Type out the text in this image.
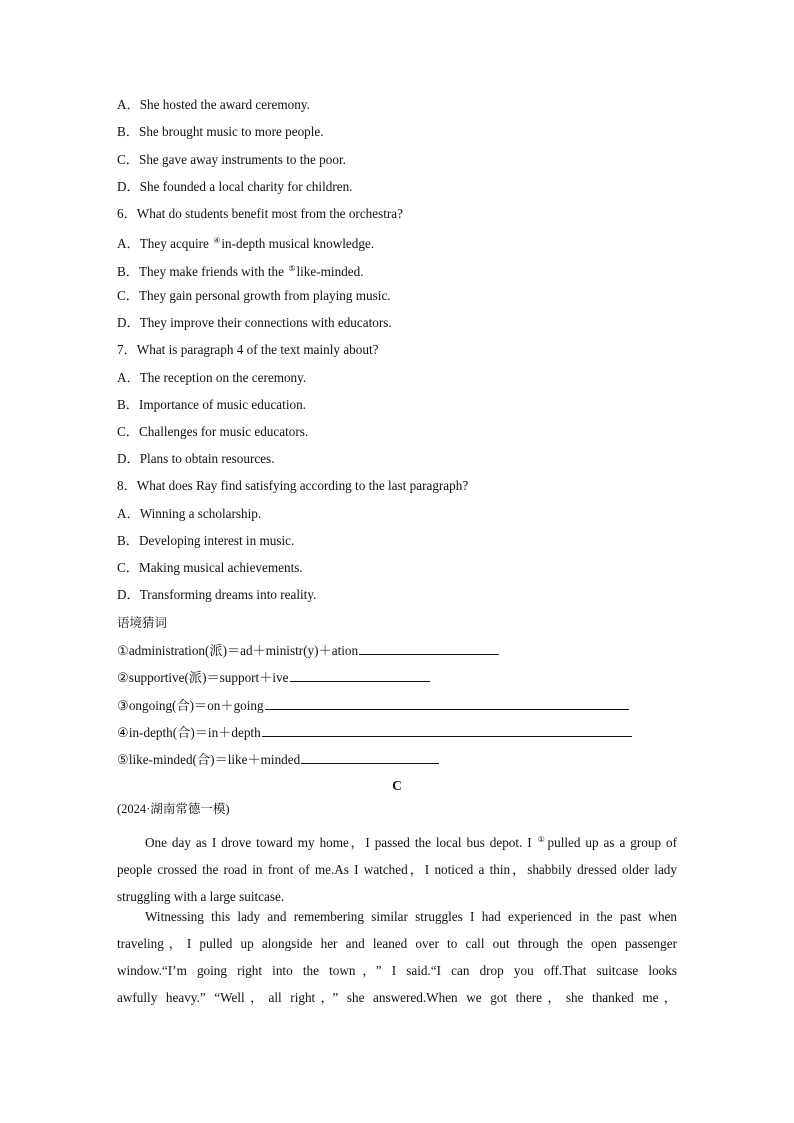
A．She hosted the award ceremony.
B．She brought music to more people.
C．She gave away instruments to the poor.
D．She founded a local charity for children.
6．What do students benefit most from the orchestra?
A．They acquire ④in-depth musical knowledge.
B．They make friends with the ⑤like-minded.
C．They gain personal growth from playing music.
D．They improve their connections with educators.
7．What is paragraph 4 of the text mainly about?
A．The reception on the ceremony.
B．Importance of music education.
C．Challenges for music educators.
D．Plans to obtain resources.
8．What does Ray find satisfying according to the last paragraph?
A．Winning a scholarship.
B．Developing interest in music.
C．Making musical achievements.
D．Transforming dreams into reality.
语境猜词
①administration(派)＝ad＋ministr(y)＋ation
②supportive(派)＝support＋ive
③ongoing(合)＝on＋going
④in-depth(合)＝in＋depth
⑤like-minded(合)＝like＋minded
C
(2024·湖南常德一模)
One day as I drove toward my home，I passed the local bus depot. I ①pulled up as a group of
people crossed the road in front of me.As I watched，I noticed a thin，shabbily dressed older lady
struggling with a large suitcase.
Witnessing this lady and remembering similar struggles I had experienced in the past when
traveling，I pulled up alongside her and leaned over to call out through the open passenger
window.“I’m going right into the town，” I said.“I can drop you off.That suitcase looks
awfully heavy.” “Well，all right，” she answered.When we got there，she thanked me，
